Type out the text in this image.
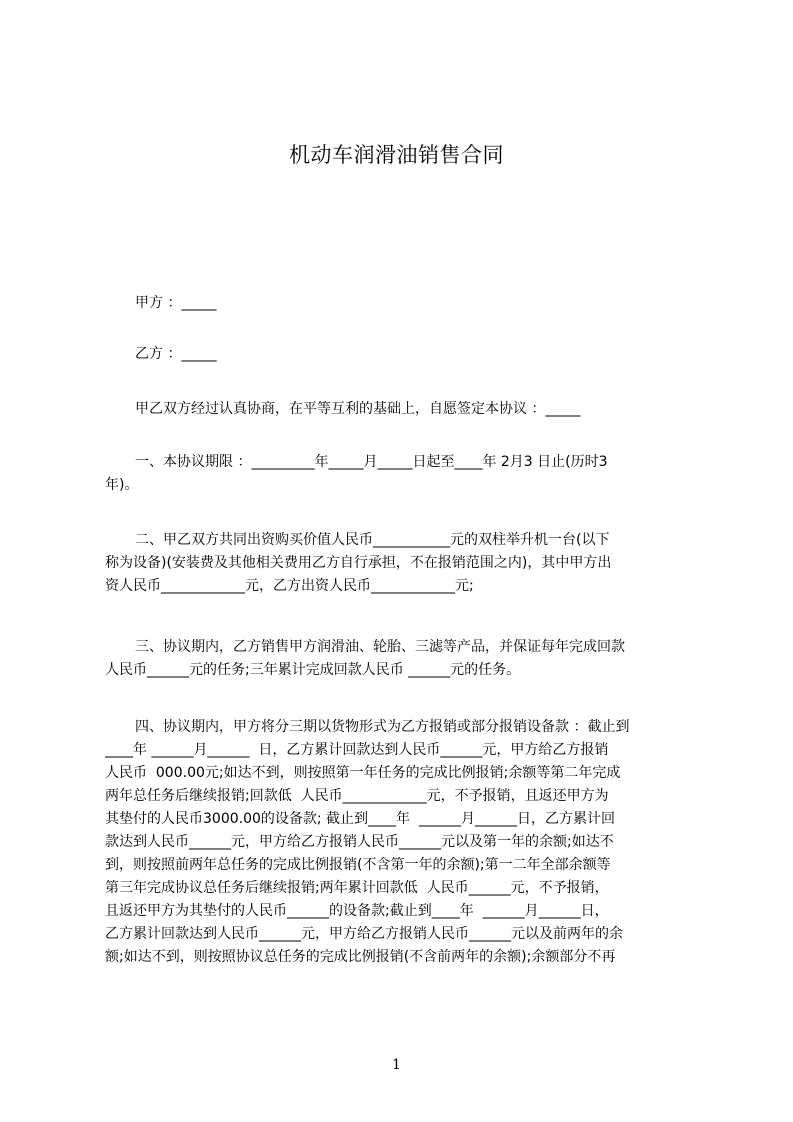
机动车润滑油销售合同
甲方 ：_____
乙方 ：_____
甲乙双方经过认真协商，在平等互利的基础上，自愿签定本协议 ：_____
一、本协议期限 ：_________年_____月_____日起至____年 2月3 日止(历时3
年)。
二、甲乙双方共同出资购买价值人民币___________元的双柱举升机一台(以下
称为设备)(安装费及其他相关费用乙方自行承担，不在报销范围之内)，其中甲方出
资人民币____________元，乙方出资人民币____________元;
三、协议期内，乙方销售甲方润滑油、轮胎、三滤等产品，并保证每年完成回款
人民币______元的任务;三年累计完成回款人民币 ______元的任务。
四、协议期内，甲方将分三期以货物形式为乙方报销或部分报销设备款 ：截止到
____年 ______月______  日，乙方累计回款达到人民币______元，甲方给乙方报销
人民币  000.00元;如达不到，则按照第一年任务的完成比例报销;余额等第二年完成
两年总任务后继续报销;回款低  人民币____________元，不予报销，且返还甲方为
其垫付的人民币3000.00的设备款; 截止到____年  ______月______日，乙方累计回
款达到人民币______元，甲方给乙方报销人民币______元以及第一年的余额;如达不
到，则按照前两年总任务的完成比例报销(不含第一年的余额);第一二年全部余额等
第三年完成协议总任务后继续报销;两年累计回款低  人民币______元，不予报销，
且返还甲方为其垫付的人民币______的设备款;截止到____年  ______月______日，
乙方累计回款达到人民币______元，甲方给乙方报销人民币______元以及前两年的余
额;如达不到，则按照协议总任务的完成比例报销(不含前两年的余额);余额部分不再
1
